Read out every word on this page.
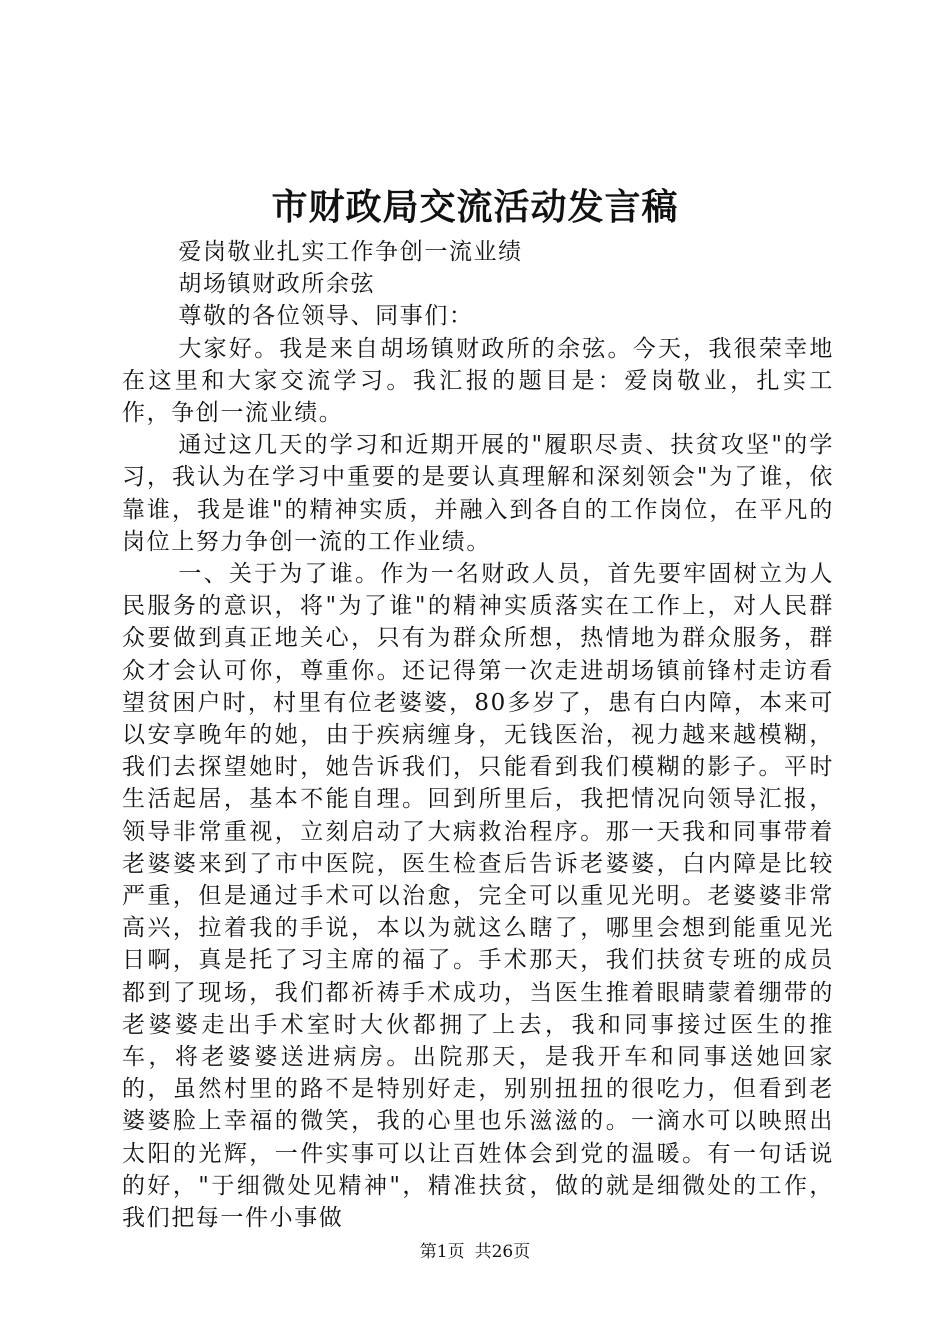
市财政局交流活动发言稿

爱岗敬业扎实工作争创一流业绩

胡场镇财政所余弦

尊敬的各位领导、同事们：

大家好。我是来自胡场镇财政所的余弦。今天，我很荣幸地在这里和大家交流学习。我汇报的题目是：爱岗敬业，扎实工作，争创一流业绩。

通过这几天的学习和近期开展的"履职尽责、扶贫攻坚"的学习，我认为在学习中重要的是要认真理解和深刻领会"为了谁，依靠谁，我是谁"的精神实质，并融入到各自的工作岗位，在平凡的岗位上努力争创一流的工作业绩。

一、关于为了谁。作为一名财政人员，首先要牢固树立为人民服务的意识，将"为了谁"的精神实质落实在工作上，对人民群众要做到真正地关心，只有为群众所想，热情地为群众服务，群众才会认可你，尊重你。还记得第一次走进胡场镇前锋村走访看望贫困户时，村里有位老婆婆，80多岁了，患有白内障，本来可以安享晚年的她，由于疾病缠身，无钱医治，视力越来越模糊，我们去探望她时，她告诉我们，只能看到我们模糊的影子。平时生活起居，基本不能自理。回到所里后，我把情况向领导汇报，领导非常重视，立刻启动了大病救治程序。那一天我和同事带着老婆婆来到了市中医院，医生检查后告诉老婆婆，白内障是比较严重，但是通过手术可以治愈，完全可以重见光明。老婆婆非常高兴，拉着我的手说，本以为就这么瞎了，哪里会想到能重见光日啊，真是托了习主席的福了。手术那天，我们扶贫专班的成员都到了现场，我们都祈祷手术成功，当医生推着眼睛蒙着绷带的老婆婆走出手术室时大伙都拥了上去，我和同事接过医生的推车，将老婆婆送进病房。出院那天，是我开车和同事送她回家的，虽然村里的路不是特别好走，别别扭扭的很吃力，但看到老婆婆脸上幸福的微笑，我的心里也乐滋滋的。一滴水可以映照出太阳的光辉，一件实事可以让百姓体会到党的温暖。有一句话说的好，"于细微处见精神"，精准扶贫，做的就是细微处的工作，我们把每一件小事做

第1页 共26页
